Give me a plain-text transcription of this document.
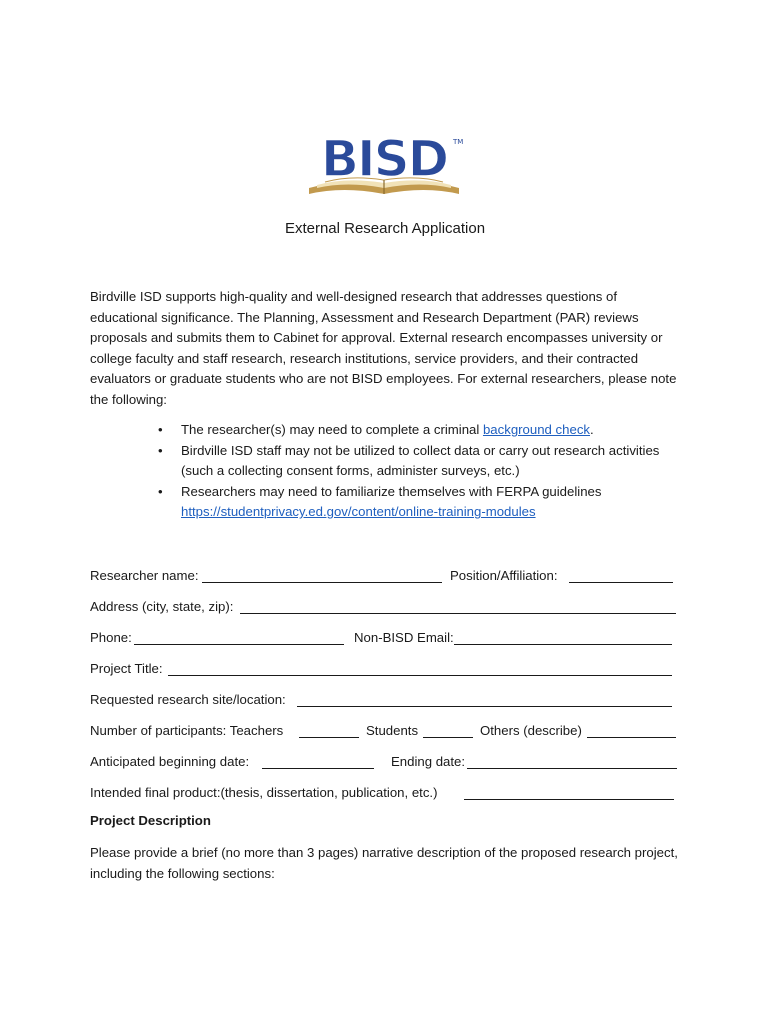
BISD TM
External Research Application

Birdville ISD supports high-quality and well-designed research that addresses questions of educational significance. The Planning, Assessment and Research Department (PAR) reviews proposals and submits them to Cabinet for approval. External research encompasses university or college faculty and staff research, research institutions, service providers, and their contracted evaluators or graduate students who are not BISD employees. For external researchers, please note the following:

• The researcher(s) may need to complete a criminal background check.
• Birdville ISD staff may not be utilized to collect data or carry out research activities (such a collecting consent forms, administer surveys, etc.)
• Researchers may need to familiarize themselves with FERPA guidelines
https://studentprivacy.ed.gov/content/online-training-modules
Researcher name:	Position/Affiliation:
Address (city, state, zip):
Phone:	Non-BISD Email:
Project Title:
Requested research site/location:
Number of participants: Teachers	Students	Others (describe)
Anticipated beginning date:	Ending date:
Intended final product:(thesis, dissertation, publication, etc.)
Project Description

Please provide a brief (no more than 3 pages) narrative description of the proposed research project, including the following sections:
